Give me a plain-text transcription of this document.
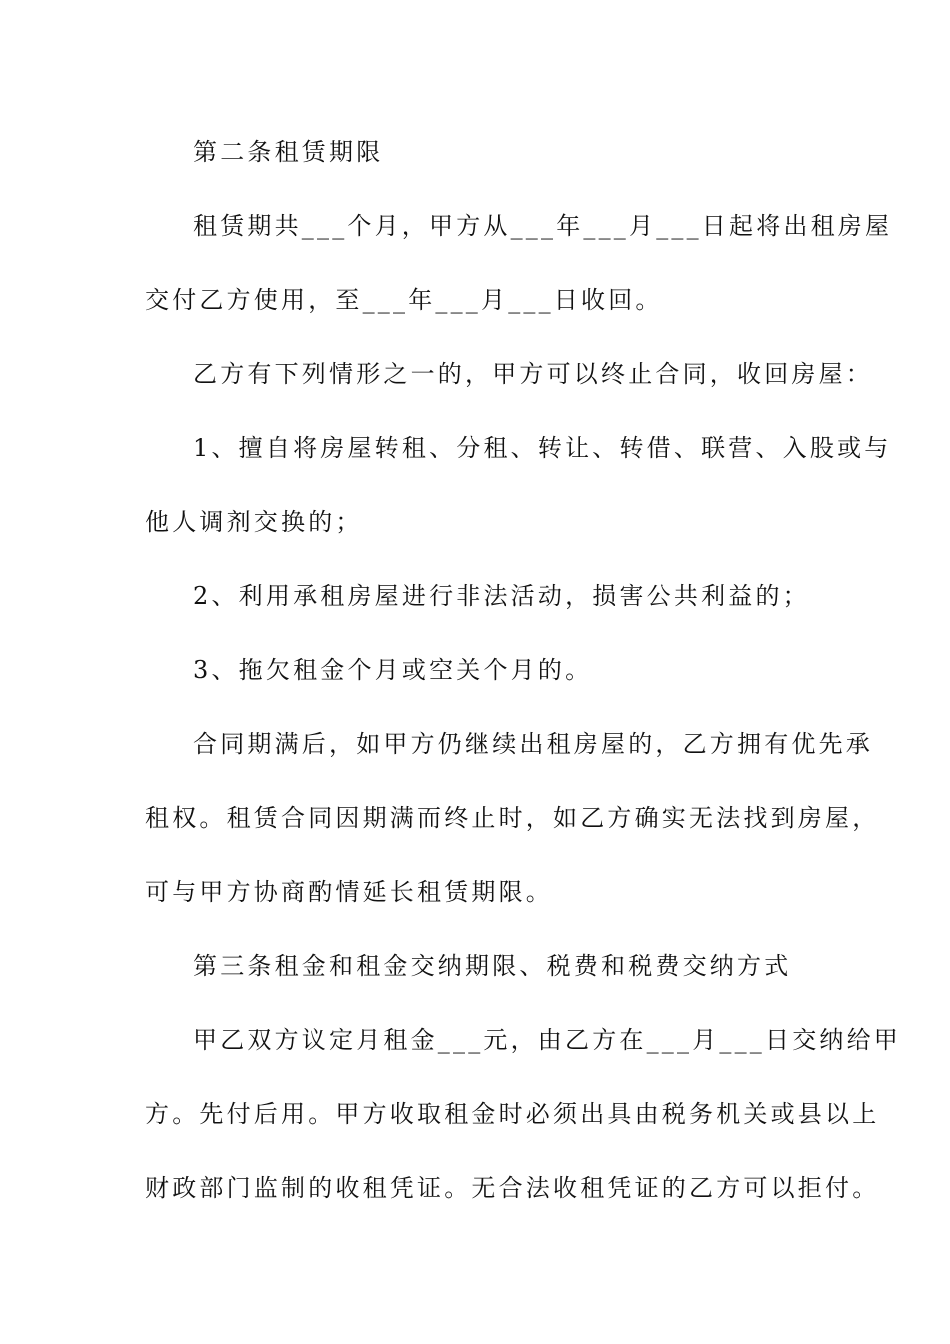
第二条租赁期限
租赁期共___个月，甲方从___年___月___日起将出租房屋
交付乙方使用，至___年___月___日收回。
乙方有下列情形之一的，甲方可以终止合同，收回房屋：
1、擅自将房屋转租、分租、转让、转借、联营、入股或与
他人调剂交换的；
2、利用承租房屋进行非法活动，损害公共利益的；
3、拖欠租金个月或空关个月的。
合同期满后，如甲方仍继续出租房屋的，乙方拥有优先承
租权。租赁合同因期满而终止时，如乙方确实无法找到房屋，
可与甲方协商酌情延长租赁期限。
第三条租金和租金交纳期限、税费和税费交纳方式
甲乙双方议定月租金___元，由乙方在___月___日交纳给甲
方。先付后用。甲方收取租金时必须出具由税务机关或县以上
财政部门监制的收租凭证。无合法收租凭证的乙方可以拒付。
